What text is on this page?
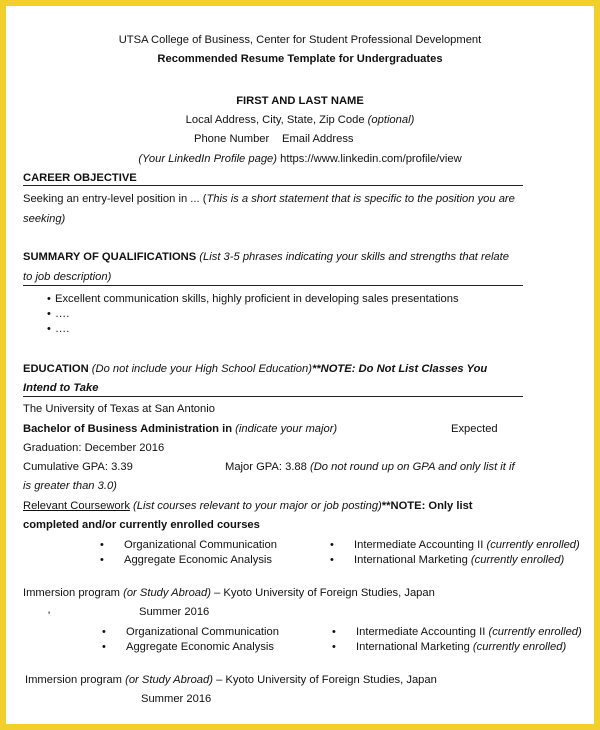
UTSA College of Business, Center for Student Professional Development
Recommended Resume Template for Undergraduates
FIRST AND LAST NAME
Local Address, City, State, Zip Code (optional)
Phone Number Email Address
(Your LinkedIn Profile page) https://www.linkedin.com/profile/view
CAREER OBJECTIVE
Seeking an entry-level position in ... (This is a short statement that is specific to the position you are
seeking)
SUMMARY OF QUALIFICATIONS (List 3-5 phrases indicating your skills and strengths that relate
to job description)
• Excellent communication skills, highly proficient in developing sales presentations
• ….
• ….
EDUCATION (Do not include your High School Education)**NOTE: Do Not List Classes You
Intend to Take
The University of Texas at San Antonio
Bachelor of Business Administration in (indicate your major)	Expected
Graduation: December 2016
Cumulative GPA: 3.39	Major GPA: 3.88 (Do not round up on GPA and only list it if
is greater than 3.0)
Relevant Coursework (List courses relevant to your major or job posting)**NOTE: Only list
completed and/or currently enrolled courses
• Organizational Communication	• Intermediate Accounting II (currently enrolled)
• Aggregate Economic Analysis	• International Marketing (currently enrolled)
Immersion program (or Study Abroad) – Kyoto University of Foreign Studies, Japan
Summer 2016
'
• Organizational Communication	• Intermediate Accounting II (currently enrolled)
• Aggregate Economic Analysis	• International Marketing (currently enrolled)
Immersion program (or Study Abroad) – Kyoto University of Foreign Studies, Japan
Summer 2016
